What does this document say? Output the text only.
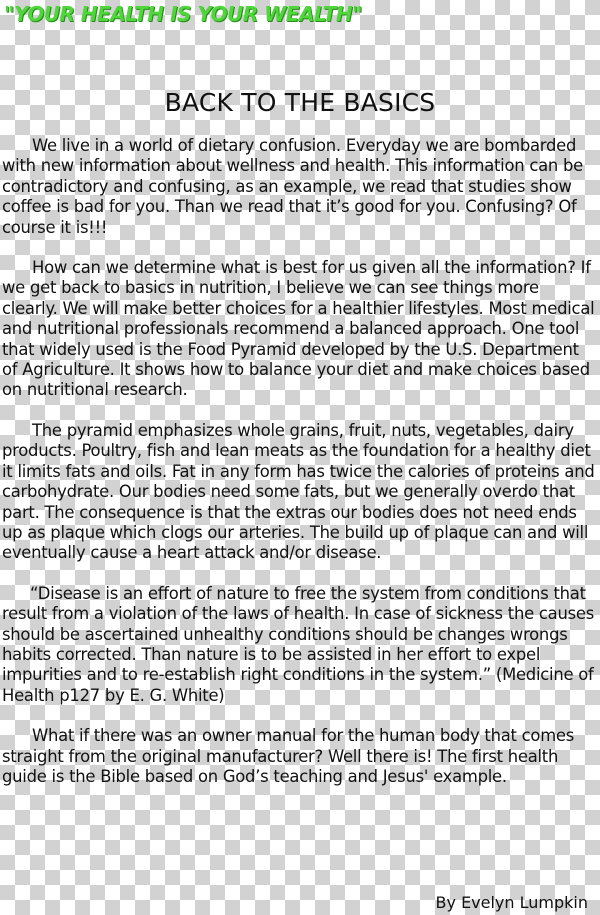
"YOUR HEALTH IS YOUR WEALTH"
BACK TO THE BASICS

We live in a world of dietary confusion. Everyday we are bombarded with new information about wellness and health. This information can be contradictory and confusing, as an example, we read that studies show coffee is bad for you. Than we read that it’s good for you. Confusing? Of course it is!!!

How can we determine what is best for us given all the information? If we get back to basics in nutrition, I believe we can see things more clearly. We will make better choices for a healthier lifestyles. Most medical and nutritional professionals recommend a balanced approach. One tool that widely used is the Food Pyramid developed by the U.S. Department of Agriculture. It shows how to balance your diet and make choices based on nutritional research.

The pyramid emphasizes whole grains, fruit, nuts, vegetables, dairy products. Poultry, fish and lean meats as the foundation for a healthy diet it limits fats and oils. Fat in any form has twice the calories of proteins and carbohydrate. Our bodies need some fats, but we generally overdo that part. The consequence is that the extras our bodies does not need ends up as plaque which clogs our arteries. The build up of plaque can and will eventually cause a heart attack and/or disease.

“Disease is an effort of nature to free the system from conditions that result from a violation of the laws of health. In case of sickness the causes should be ascertained unhealthy conditions should be changes wrongs habits corrected. Than nature is to be assisted in her effort to expel impurities and to re-establish right conditions in the system.” (Medicine of Health p127 by E. G. White)

What if there was an owner manual for the human body that comes straight from the original manufacturer? Well there is! The first health guide is the Bible based on God’s teaching and Jesus' example.

By Evelyn Lumpkin
